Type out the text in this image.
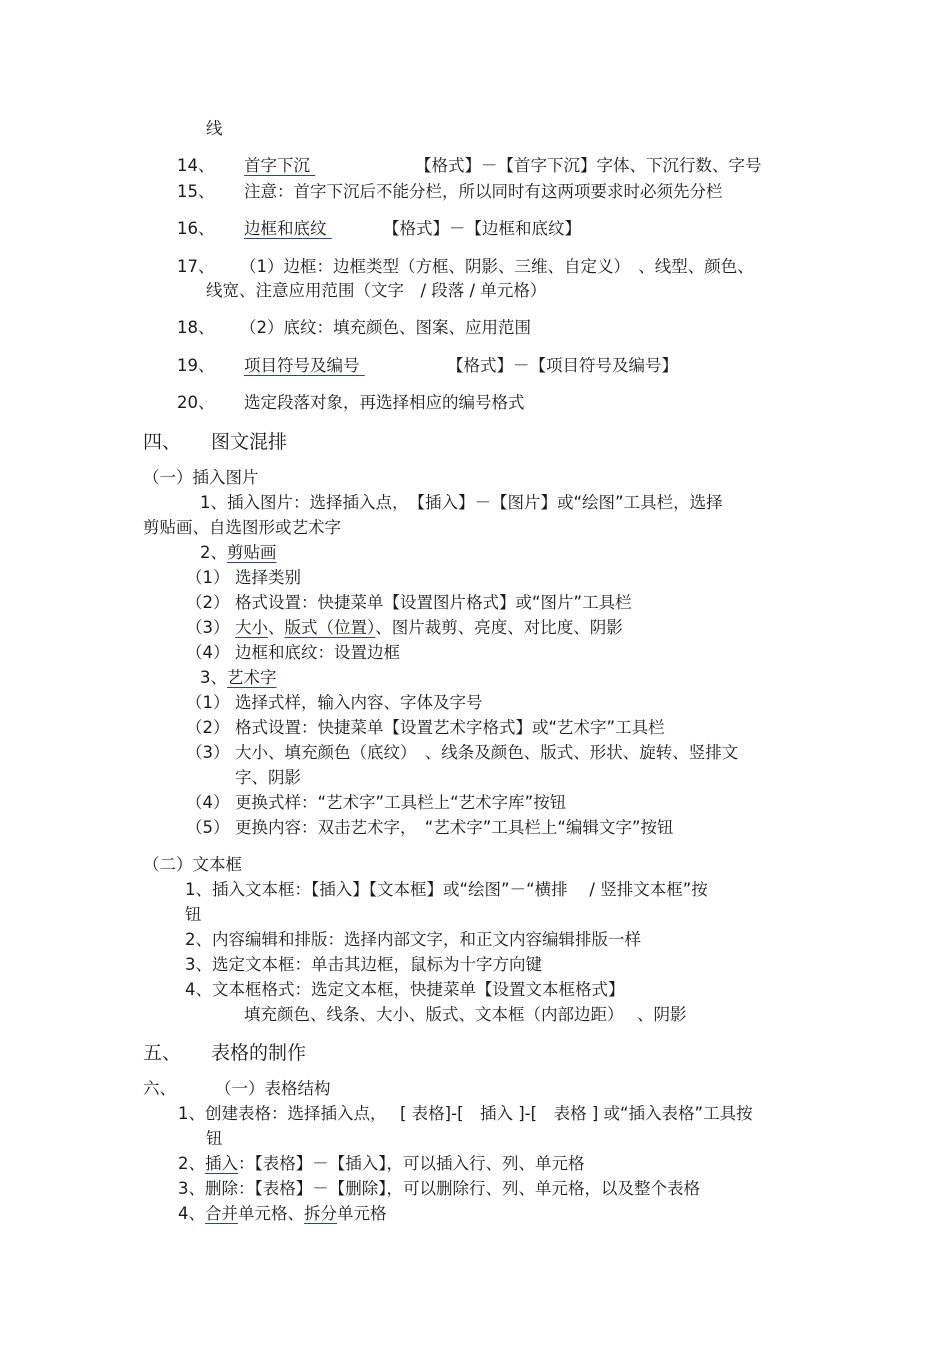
线
14、 首字下沉	【格式】－【首字下沉】字体、下沉行数、字号
15、 注意：首字下沉后不能分栏，所以同时有这两项要求时必须先分栏
16、 边框和底纹	【格式】－【边框和底纹】
17、 （1）边框：边框类型（方框、阴影、三维、自定义）　、线型、颜色、
线宽、注意应用范围（文字　/ 段落 / 单元格）
18、 （2）底纹：填充颜色、图案、应用范围
19、 项目符号及编号	【格式】－【项目符号及编号】
20、 选定段落对象，再选择相应的编号格式
四、 图文混排
（一）插入图片
1、插入图片：选择插入点，　【插入】－【图片】或“绘图”工具栏，选择
剪贴画、自选图形或艺术字
2、剪贴画
（1） 选择类别
（2） 格式设置：快捷菜单【设置图片格式】或“图片”工具栏
（3） 大小、版式（位置）、图片裁剪、亮度、对比度、阴影
（4） 边框和底纹：设置边框
3、艺术字
（1） 选择式样，输入内容、字体及字号
（2） 格式设置：快捷菜单【设置艺术字格式】或“艺术字”工具栏
（3） 大小、填充颜色（底纹）　、线条及颜色、版式、形状、旋转、竖排文
字、阴影
（4） 更换式样：“艺术字”工具栏上“艺术字库”按钮
（5） 更换内容：双击艺术字，　“艺术字”工具栏上“编辑文字”按钮
（二）文本框
1、插入文本框：【插入】【文本框】或“绘图”－“横排　 / 竖排文本框”按
钮
2、内容编辑和排版：选择内部文字，和正文内容编辑排版一样
3、选定文本框：单击其边框，鼠标为十字方向键
4、文本框格式：选定文本框，快捷菜单【设置文本框格式】
填充颜色、线条、大小、版式、文本框（内部边距）　 、阴影
五、 表格的制作
六、 （一）表格结构
1、创建表格：选择插入点，　 [ 表格]-[　插入 ]-[　表格 ] 或“插入表格”工具按
钮
2、插入：【表格】－【插入】，可以插入行、列、单元格
3、删除：【表格】－【删除】，可以删除行、列、单元格，以及整个表格
4、合并单元格、拆分单元格
